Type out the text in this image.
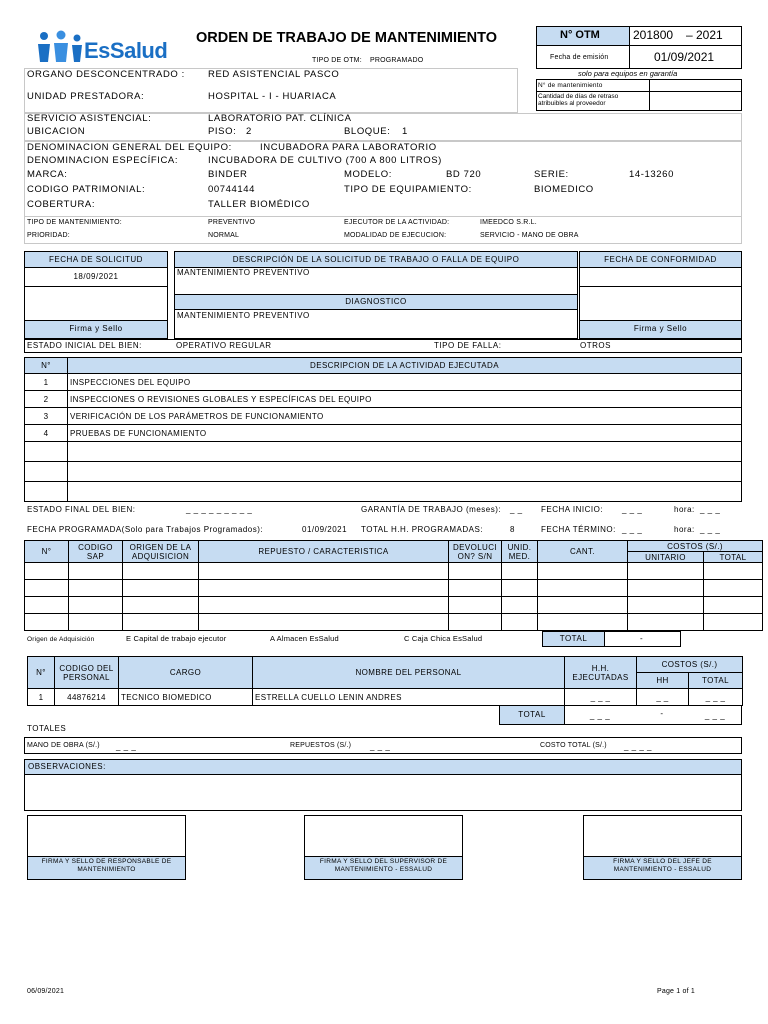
EsSalud ORDEN DE TRABAJO DE MANTENIMIENTO
TIPO DE OTM: PROGRAMADO
N° OTM	201800 – 2021
Fecha de emisión	01/09/2021
solo para equipos en garantía
N° de mantenimiento
Cantidad de días de retraso atribuibles al proveedor
ORGANO DESCONCENTRADO : RED ASISTENCIAL PASCO
UNIDAD PRESTADORA:	HOSPITAL - I - HUARIACA
SERVICIO ASISTENCIAL:	LABORATORIO PAT. CLÍNICA
UBICACION	PISO: 2	BLOQUE: 1
DENOMINACION GENERAL DEL EQUIPO:	INCUBADORA PARA LABORATORIO
DENOMINACION ESPECÍFICA:	INCUBADORA DE CULTIVO (700 A 800 LITROS)
MARCA:	BINDER	MODELO:	BD 720	SERIE:	14-13260
CODIGO PATRIMONIAL:	00744144	TIPO DE EQUIPAMIENTO:	BIOMEDICO
COBERTURA:	TALLER BIOMÉDICO
TIPO DE MANTENIMIENTO:	PREVENTIVO	EJECUTOR DE LA ACTIVIDAD:	IMEEDCO S.R.L.
PRIORIDAD:	NORMAL	MODALIDAD DE EJECUCION:	SERVICIO - MANO DE OBRA
FECHA DE SOLICITUD
18/09/2021
Firma y Sello
DESCRIPCIÓN DE LA SOLICITUD DE TRABAJO O FALLA DE EQUIPO
MANTENIMIENTO PREVENTIVO
DIAGNOSTICO
MANTENIMIENTO PREVENTIVO
FECHA DE CONFORMIDAD
Firma y Sello
ESTADO INICIAL DEL BIEN:	OPERATIVO REGULAR	TIPO DE FALLA:	OTROS
N°	DESCRIPCION DE LA ACTIVIDAD EJECUTADA
1	INSPECCIONES DEL EQUIPO
2	INSPECCIONES O REVISIONES GLOBALES Y ESPECÍFICAS DEL EQUIPO
3	VERIFICACIÓN DE LOS PARÁMETROS DE FUNCIONAMIENTO
4	PRUEBAS DE FUNCIONAMIENTO

ESTADO FINAL DEL BIEN:	_ _ _ _ _ _ _ _ _	GARANTÍA DE TRABAJO (meses): _ _ FECHA INICIO: _ _ _	hora: _ _ _
FECHA PROGRAMADA(Solo para Trabajos Programados):	01/09/2021 TOTAL H.H. PROGRAMADAS:	8	FECHA TÉRMINO: _ _ _	hora: _ _ _
N°	CODIGO SAP	ORIGEN DE LA ADQUISICION	REPUESTO / CARACTERISTICA	DEVOLUCI ON? S/N	UNID. MED.	CANT.	COSTOS (S/.)	
							UNITARIO	TOTAL

Origen de Adquisición	E Capital de trabajo ejecutor	A Almacen EsSalud	C Caja Chica EsSalud	TOTAL	-
N°	CODIGO DEL PERSONAL	CARGO	NOMBRE DEL PERSONAL	H.H. EJECUTADAS	COSTOS (S/.)	
					HH	TOTAL
1	44876214	TECNICO BIOMEDICO	ESTRELLA CUELLO LENIN ANDRES	_ _ _	_ _	_ _ _
TOTAL	_ _ _	-	_ _ _
TOTALES
MANO DE OBRA (S/.) _ _ _	REPUESTOS (S/.) _ _ _	COSTO TOTAL (S/.) _ _ _ _
OBSERVACIONES:
FIRMA Y SELLO DE RESPONSABLE DE MANTENIMIENTO
FIRMA Y SELLO DEL SUPERVISOR DE MANTENIMIENTO - ESSALUD
FIRMA Y SELLO DEL JEFE DE MANTENIMIENTO - ESSALUD
06/09/2021	Page 1 of 1
